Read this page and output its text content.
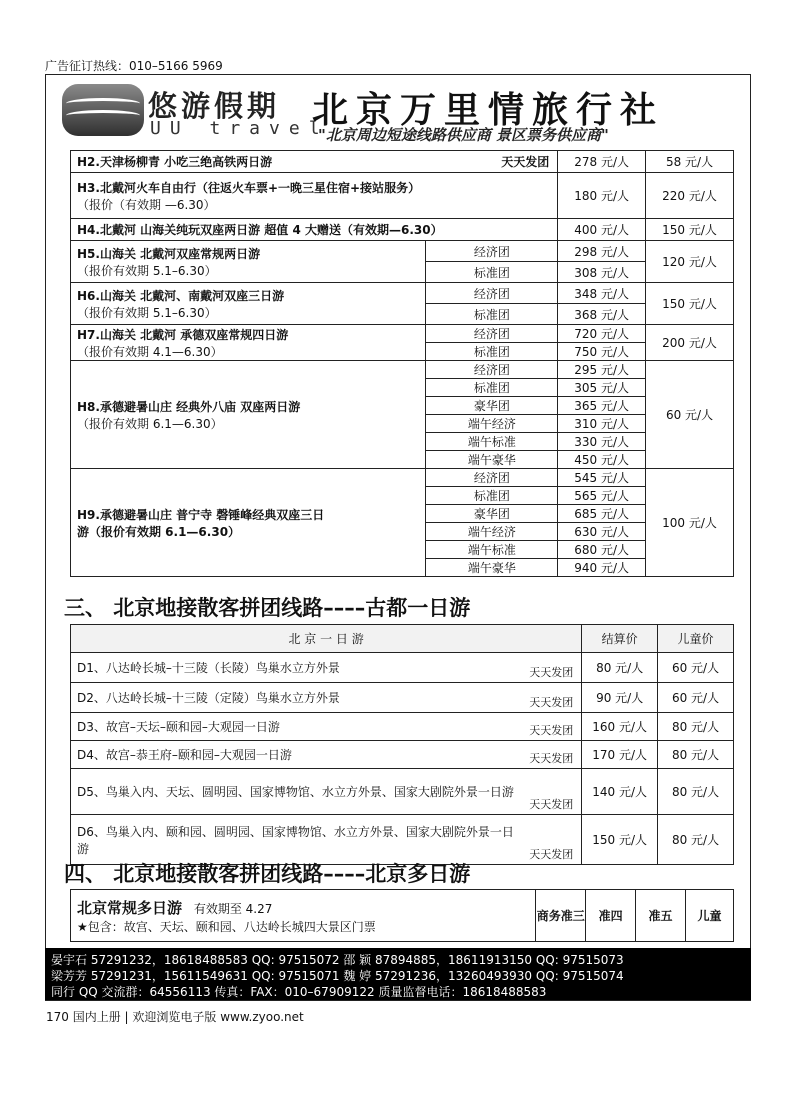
广告征订热线：010–5166 5969
悠游假期
UU travel
北京万里情旅行社
"北京周边短途线路供应商 景区票务供应商"
H2.天津杨柳青 小吃三绝高铁两日游 天天发团		278 元/人	58 元/人
H3.北戴河火车自由行（往返火车票+一晚三星住宿+接站服务）
（报价（有效期 —6.30）		180 元/人	220 元/人
H4.北戴河 山海关纯玩双座两日游 超值 4 大赠送（有效期—6.30）		400 元/人	150 元/人
H5.山海关 北戴河双座常规两日游
（报价有效期 5.1–6.30）	经济团	298 元/人	120 元/人
	标准团	308 元/人	
H6.山海关 北戴河、南戴河双座三日游
（报价有效期 5.1–6.30）	经济团	348 元/人	150 元/人
	标准团	368 元/人	
H7.山海关 北戴河 承德双座常规四日游
（报价有效期 4.1—6.30）	经济团	720 元/人	200 元/人
	标准团	750 元/人	
H8.承德避暑山庄 经典外八庙 双座两日游
（报价有效期 6.1—6.30）	经济团	295 元/人	60 元/人
	标准团	305 元/人	
	豪华团	365 元/人	
	端午经济	310 元/人	
	端午标准	330 元/人	
	端午豪华	450 元/人	
H9.承德避暑山庄 普宁寺 磬锤峰经典双座三日
游（报价有效期 6.1—6.30）	经济团	545 元/人	100 元/人
	标准团	565 元/人	
	豪华团	685 元/人	
	端午经济	630 元/人	
	端午标准	680 元/人	
	端午豪华	940 元/人	
三、 北京地接散客拼团线路––––古都一日游
北 京 一 日 游	结算价	儿童价

D1、八达岭长城–十三陵（长陵）鸟巢水立方外景 天天发团	80 元/人	60 元/人

D2、八达岭长城–十三陵（定陵）鸟巢水立方外景 天天发团	90 元/人	60 元/人

D3、故宫–天坛–颐和园–大观园一日游 天天发团	160 元/人	80 元/人

D4、故宫–恭王府–颐和园–大观园一日游 天天发团	170 元/人	80 元/人

D5、鸟巢入内、天坛、圆明园、国家博物馆、水立方外景、国家大剧院外景一日游
天天发团	140 元/人	80 元/人

D6、鸟巢入内、颐和园、圆明园、国家博物馆、水立方外景、国家大剧院外景一日游 天天发团	150 元/人	80 元/人
四、 北京地接散客拼团线路––––北京多日游
北京常规多日游 有效期至 4.27
★包含：故宫、天坛、颐和园、八达岭长城四大景区门票
	商务准三	准四	准五	儿童
晏宇石 57291232，18618488583 QQ: 97515072 邵 颖 87894885，18611913150 QQ: 97515073
梁芳芳 57291231，15611549631 QQ: 97515071 魏 婷 57291236，13260493930 QQ: 97515074
同行 QQ 交流群：64556113 传真：FAX：010–67909122 质量监督电话：18618488583
170 国内上册 | 欢迎浏览电子版 www.zyoo.net
